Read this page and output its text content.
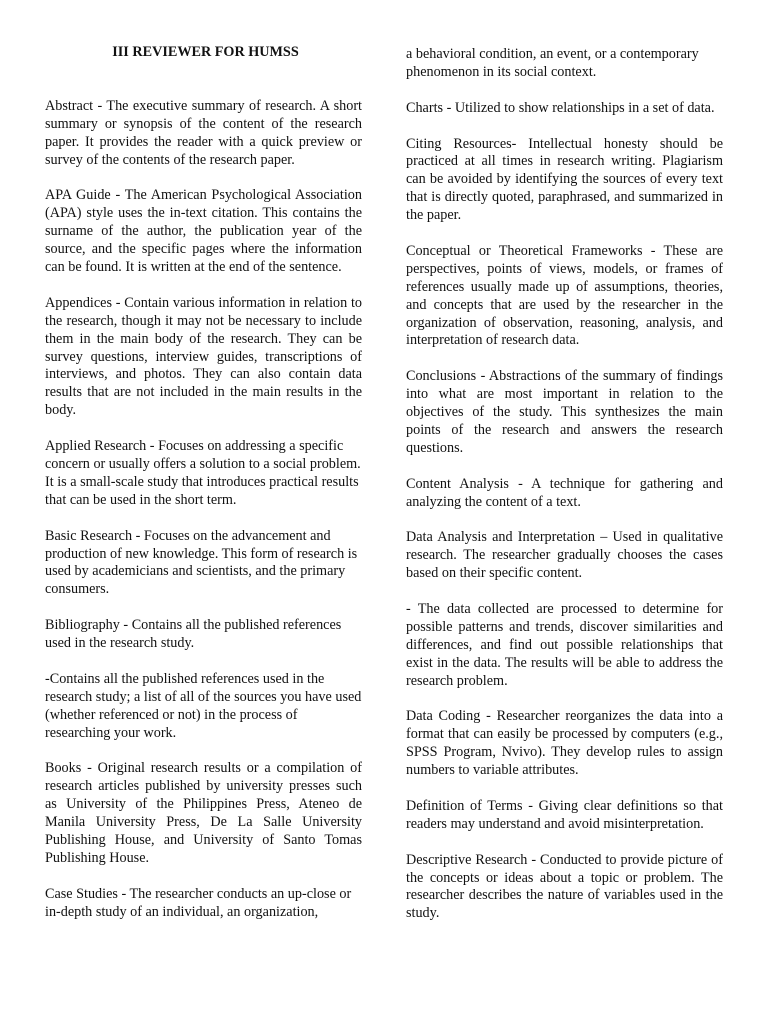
III REVIEWER FOR HUMSS

Abstract - The executive summary of research. A short summary or synopsis of the content of the research paper. It provides the reader with a quick preview or survey of the contents of the research paper.

APA Guide - The American Psychological Association (APA) style uses the in-text citation. This contains the surname of the author, the publication year of the source, and the specific pages where the information can be found. It is written at the end of the sentence.

Appendices - Contain various information in relation to the research, though it may not be necessary to include them in the main body of the research. They can be survey questions, interview guides, transcriptions of interviews, and photos. They can also contain data results that are not included in the main results in the body.

Applied Research - Focuses on addressing a specific concern or usually offers a solution to a social problem. It is a small-scale study that introduces practical results that can be used in the short term.

Basic Research - Focuses on the advancement and production of new knowledge. This form of research is used by academicians and scientists, and the primary consumers.

Bibliography - Contains all the published references used in the research study.

-Contains all the published references used in the research study; a list of all of the sources you have used (whether referenced or not) in the process of researching your work.

Books - Original research results or a compilation of research articles published by university presses such as University of the Philippines Press, Ateneo de Manila University Press, De La Salle University Publishing House, and University of Santo Tomas Publishing House.

Case Studies - The researcher conducts an up-close or in-depth study of an individual, an organization,

a behavioral condition, an event, or a contemporary phenomenon in its social context.

Charts - Utilized to show relationships in a set of data.

Citing Resources- Intellectual honesty should be practiced at all times in research writing. Plagiarism can be avoided by identifying the sources of every text that is directly quoted, paraphrased, and summarized in the paper.

Conceptual or Theoretical Frameworks - These are perspectives, points of views, models, or frames of references usually made up of assumptions, theories, and concepts that are used by the researcher in the organization of observation, reasoning, analysis, and interpretation of research data.

Conclusions - Abstractions of the summary of findings into what are most important in relation to the objectives of the study. This synthesizes the main points of the research and answers the research questions.

Content Analysis - A technique for gathering and analyzing the content of a text.

Data Analysis and Interpretation – Used in qualitative research. The researcher gradually chooses the cases based on their specific content.

- The data collected are processed to determine for possible patterns and trends, discover similarities and differences, and find out possible relationships that exist in the data. The results will be able to address the research problem.

Data Coding - Researcher reorganizes the data into a format that can easily be processed by computers (e.g., SPSS Program, Nvivo). They develop rules to assign numbers to variable attributes.

Definition of Terms - Giving clear definitions so that readers may understand and avoid misinterpretation.

Descriptive Research - Conducted to provide picture of the concepts or ideas about a topic or problem. The researcher describes the nature of variables used in the study.
